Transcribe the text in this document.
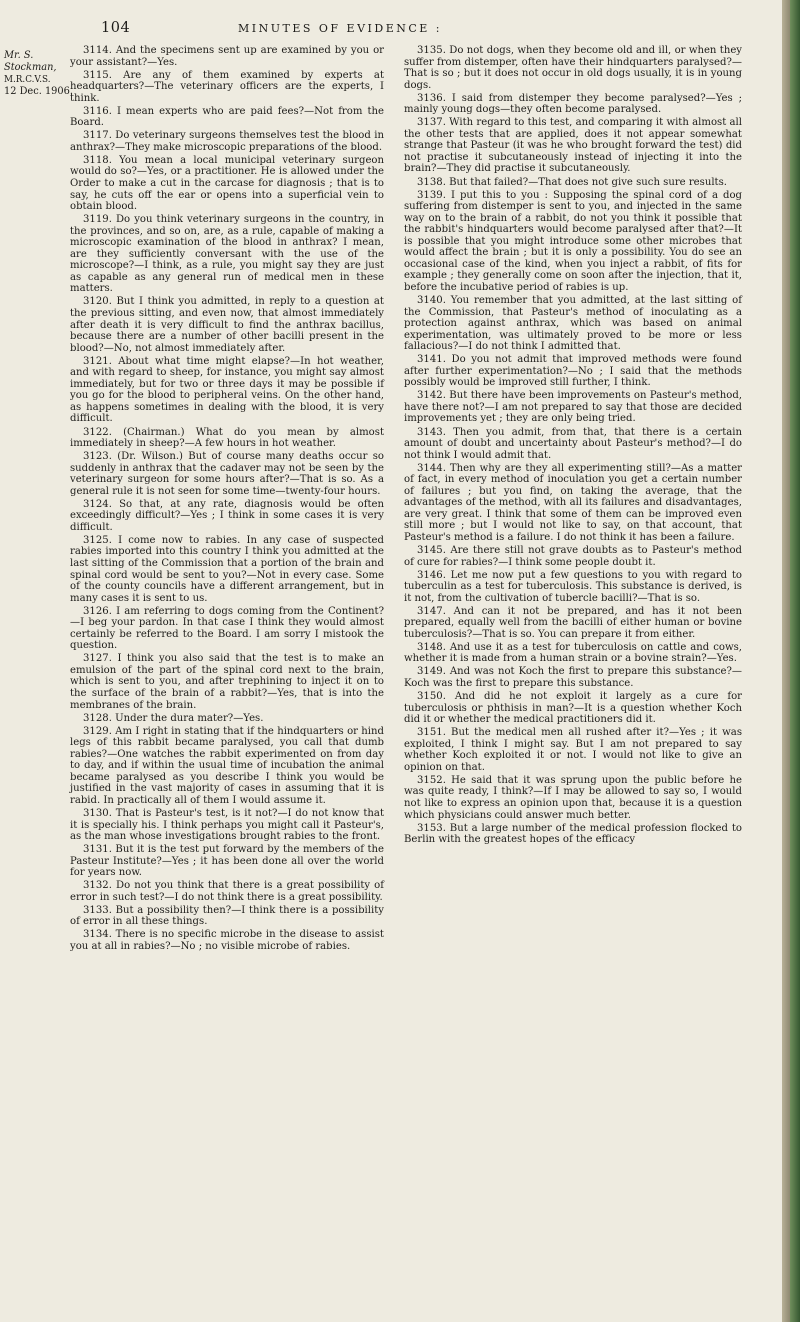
104	MINUTES OF EVIDENCE :
Mr. S.
Stockman,
M.R.C.V.S.
12 Dec. 1906.

3114. And the specimens sent up are examined by you or your assistant?—Yes.

3115. Are any of them examined by experts at headquarters?—The veterinary officers are the experts, I think.

3116. I mean experts who are paid fees?—Not from the Board.

3117. Do veterinary surgeons themselves test the blood in anthrax?—They make microscopic preparations of the blood.

3118. You mean a local municipal veterinary surgeon would do so?—Yes, or a practitioner. He is allowed under the Order to make a cut in the carcase for diagnosis ; that is to say, he cuts off the ear or opens into a superficial vein to obtain blood.

3119. Do you think veterinary surgeons in the country, in the provinces, and so on, are, as a rule, capable of making a microscopic examination of the blood in anthrax? I mean, are they sufficiently conversant with the use of the microscope?—I think, as a rule, you might say they are just as capable as any general run of medical men in these matters.

3120. But I think you admitted, in reply to a question at the previous sitting, and even now, that almost immediately after death it is very difficult to find the anthrax bacillus, because there are a number of other bacilli present in the blood?—No, not almost immediately after.

3121. About what time might elapse?—In hot weather, and with regard to sheep, for instance, you might say almost immediately, but for two or three days it may be possible if you go for the blood to peripheral veins. On the other hand, as happens sometimes in dealing with the blood, it is very difficult.

3122. (Chairman.) What do you mean by almost immediately in sheep?—A few hours in hot weather.

3123. (Dr. Wilson.) But of course many deaths occur so suddenly in anthrax that the cadaver may not be seen by the veterinary surgeon for some hours after?—That is so. As a general rule it is not seen for some time—twenty-four hours.

3124. So that, at any rate, diagnosis would be often exceedingly difficult?—Yes ; I think in some cases it is very difficult.

3125. I come now to rabies. In any case of suspected rabies imported into this country I think you admitted at the last sitting of the Commission that a portion of the brain and spinal cord would be sent to you?—Not in every case. Some of the county councils have a different arrangement, but in many cases it is sent to us.

3126. I am referring to dogs coming from the Continent?—I beg your pardon. In that case I think they would almost certainly be referred to the Board. I am sorry I mistook the question.

3127. I think you also said that the test is to make an emulsion of the part of the spinal cord next to the brain, which is sent to you, and after trephining to inject it on to the surface of the brain of a rabbit?—Yes, that is into the membranes of the brain.

3128. Under the dura mater?—Yes.

3129. Am I right in stating that if the hindquarters or hind legs of this rabbit became paralysed, you call that dumb rabies?—One watches the rabbit experimented on from day to day, and if within the usual time of incubation the animal became paralysed as you describe I think you would be justified in the vast majority of cases in assuming that it is rabid. In practically all of them I would assume it.

3130. That is Pasteur's test, is it not?—I do not know that it is specially his. I think perhaps you might call it Pasteur's, as the man whose investigations brought rabies to the front.

3131. But it is the test put forward by the members of the Pasteur Institute?—Yes ; it has been done all over the world for years now.

3132. Do not you think that there is a great possibility of error in such test?—I do not think there is a great possibility.

3133. But a possibility then?—I think there is a possibility of error in all these things.

3134. There is no specific microbe in the disease to assist you at all in rabies?—No ; no visible microbe of rabies.

3135. Do not dogs, when they become old and ill, or when they suffer from distemper, often have their hindquarters paralysed?—That is so ; but it does not occur in old dogs usually, it is in young dogs.

3136. I said from distemper they become paralysed?—Yes ; mainly young dogs—they often become paralysed.

3137. With regard to this test, and comparing it with almost all the other tests that are applied, does it not appear somewhat strange that Pasteur (it was he who brought forward the test) did not practise it subcutaneously instead of injecting it into the brain?—They did practise it subcutaneously.

3138. But that failed?—That does not give such sure results.

3139. I put this to you : Supposing the spinal cord of a dog suffering from distemper is sent to you, and injected in the same way on to the brain of a rabbit, do not you think it possible that the rabbit's hindquarters would become paralysed after that?—It is possible that you might introduce some other microbes that would affect the brain ; but it is only a possibility. You do see an occasional case of the kind, when you inject a rabbit, of fits for example ; they generally come on soon after the injection, that it, before the incubative period of rabies is up.

3140. You remember that you admitted, at the last sitting of the Commission, that Pasteur's method of inoculating as a protection against anthrax, which was based on animal experimentation, was ultimately proved to be more or less fallacious?—I do not think I admitted that.

3141. Do you not admit that improved methods were found after further experimentation?—No ; I said that the methods possibly would be improved still further, I think.

3142. But there have been improvements on Pasteur's method, have there not?—I am not prepared to say that those are decided improvements yet ; they are only being tried.

3143. Then you admit, from that, that there is a certain amount of doubt and uncertainty about Pasteur's method?—I do not think I would admit that.

3144. Then why are they all experimenting still?—As a matter of fact, in every method of inoculation you get a certain number of failures ; but you find, on taking the average, that the advantages of the method, with all its failures and disadvantages, are very great. I think that some of them can be improved even still more ; but I would not like to say, on that account, that Pasteur's method is a failure. I do not think it has been a failure.

3145. Are there still not grave doubts as to Pasteur's method of cure for rabies?—I think some people doubt it.

3146. Let me now put a few questions to you with regard to tuberculin as a test for tuberculosis. This substance is derived, is it not, from the cultivation of tubercle bacilli?—That is so.

3147. And can it not be prepared, and has it not been prepared, equally well from the bacilli of either human or bovine tuberculosis?—That is so. You can prepare it from either.

3148. And use it as a test for tuberculosis on cattle and cows, whether it is made from a human strain or a bovine strain?—Yes.

3149. And was not Koch the first to prepare this substance?—Koch was the first to prepare this substance.

3150. And did he not exploit it largely as a cure for tuberculosis or phthisis in man?—It is a question whether Koch did it or whether the medical practitioners did it.

3151. But the medical men all rushed after it?—Yes ; it was exploited, I think I might say. But I am not prepared to say whether Koch exploited it or not. I would not like to give an opinion on that.

3152. He said that it was sprung upon the public before he was quite ready, I think?—If I may be allowed to say so, I would not like to express an opinion upon that, because it is a question which physicians could answer much better.

3153. But a large number of the medical profession flocked to Berlin with the greatest hopes of the efficacy
